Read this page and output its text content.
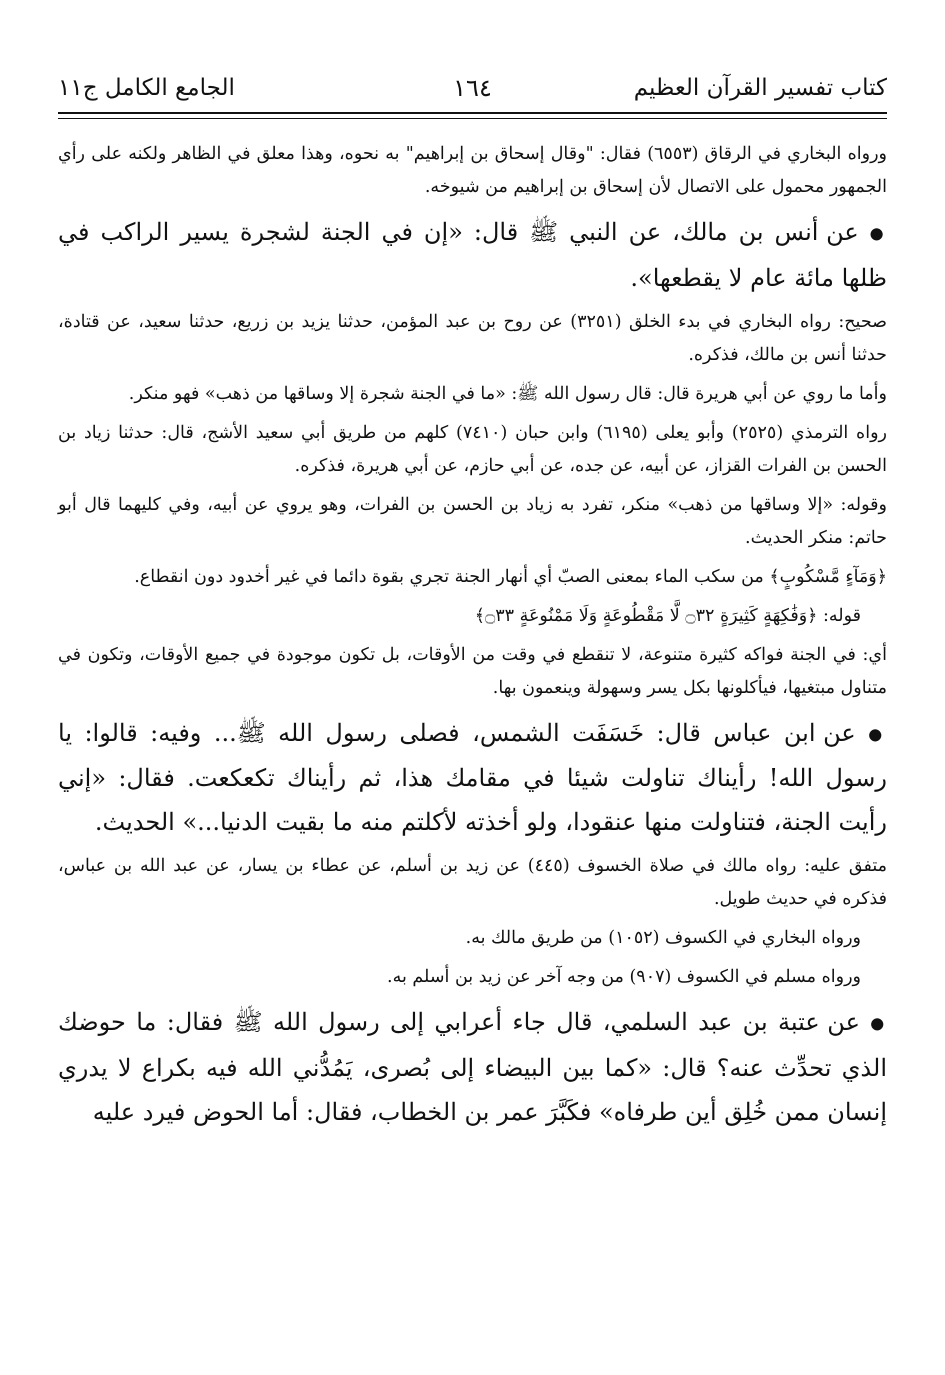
كتاب تفسير القرآن العظيم
١٦٤
الجامع الكامل ج١١

ورواه البخاري في الرقاق (٦٥٥٣) فقال: "وقال إسحاق بن إبراهيم" به نحوه، وهذا معلق في الظاهر ولكنه على رأي الجمهور محمول على الاتصال لأن إسحاق بن إبراهيم من شيوخه.

● عن أنس بن مالك، عن النبي ﷺ قال: «إن في الجنة لشجرة يسير الراكب في ظلها مائة عام لا يقطعها».

صحيح: رواه البخاري في بدء الخلق (٣٢٥١) عن روح بن عبد المؤمن، حدثنا يزيد بن زريع، حدثنا سعيد، عن قتادة، حدثنا أنس بن مالك، فذكره.

وأما ما روي عن أبي هريرة قال: قال رسول الله ﷺ: «ما في الجنة شجرة إلا وساقها من ذهب» فهو منكر.

رواه الترمذي (٢٥٢٥) وأبو يعلى (٦١٩٥) وابن حبان (٧٤١٠) كلهم من طريق أبي سعيد الأشج، قال: حدثنا زياد بن الحسن بن الفرات القزاز، عن أبيه، عن جده، عن أبي حازم، عن أبي هريرة، فذكره.

وقوله: «إلا وساقها من ذهب» منكر، تفرد به زياد بن الحسن بن الفرات، وهو يروي عن أبيه، وفي كليهما قال أبو حاتم: منكر الحديث.

﴿وَمَآءٍ مَّسْكُوبٍ﴾ من سكب الماء بمعنى الصبّ أي أنهار الجنة تجري بقوة دائما في غير أخدود دون انقطاع.

قوله: ﴿وَفَٰكِهَةٍ كَثِيرَةٍ ۝٣٢ لَّا مَقْطُوعَةٍ وَلَا مَمْنُوعَةٍ ۝٣٣﴾

أي: في الجنة فواكه كثيرة متنوعة، لا تنقطع في وقت من الأوقات، بل تكون موجودة في جميع الأوقات، وتكون في متناول مبتغيها، فيأكلونها بكل يسر وسهولة وينعمون بها.

● عن ابن عباس قال: خَسَفَت الشمس، فصلى رسول الله ﷺ... وفيه: قالوا: يا رسول الله! رأيناك تناولت شيئا في مقامك هذا، ثم رأيناك تكعكعت. فقال: «إني رأيت الجنة، فتناولت منها عنقودا، ولو أخذته لأكلتم منه ما بقيت الدنيا...» الحديث.

متفق عليه: رواه مالك في صلاة الخسوف (٤٤٥) عن زيد بن أسلم، عن عطاء بن يسار، عن عبد الله بن عباس، فذكره في حديث طويل.

ورواه البخاري في الكسوف (١٠٥٢) من طريق مالك به.

ورواه مسلم في الكسوف (٩٠٧) من وجه آخر عن زيد بن أسلم به.

● عن عتبة بن عبد السلمي، قال جاء أعرابي إلى رسول الله ﷺ فقال: ما حوضك الذي تحدِّث عنه؟ قال: «كما بين البيضاء إلى بُصرى، يَمُدُّني الله فيه بكراع لا يدري إنسان ممن خُلِق أين طرفاه» فكَبَّرَ عمر بن الخطاب، فقال: أما الحوض فيرد عليه
